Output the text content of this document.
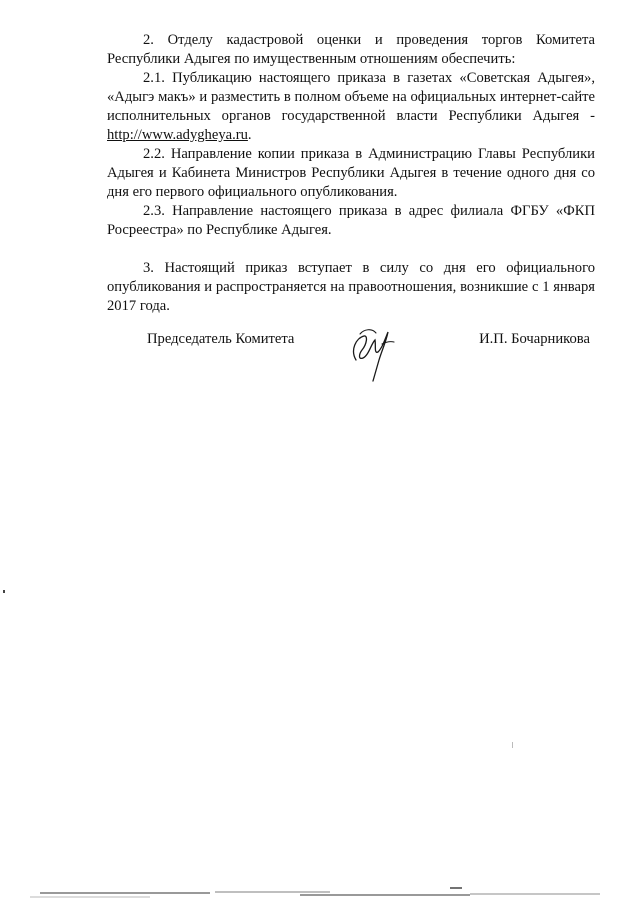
2. Отделу кадастровой оценки и проведения торгов Комитета Республики Адыгея по имущественным отношениям обеспечить:

2.1. Публикацию настоящего приказа в газетах «Советская Адыгея», «Адыгэ макъ» и разместить в полном объеме на официальных интернет-сайте исполнительных органов государственной власти Республики Адыгея - http://www.adygheya.ru.

2.2. Направление копии приказа в Администрацию Главы Республики Адыгея и Кабинета Министров Республики Адыгея в течение одного дня со дня его первого официального опубликования.

2.3. Направление настоящего приказа в адрес филиала ФГБУ «ФКП Росреестра» по Республике Адыгея.

3. Настоящий приказ вступает в силу со дня его официального опубликования и распространяется на правоотношения, возникшие с 1 января 2017 года.

Председатель Комитета	И.П. Бочарникова
